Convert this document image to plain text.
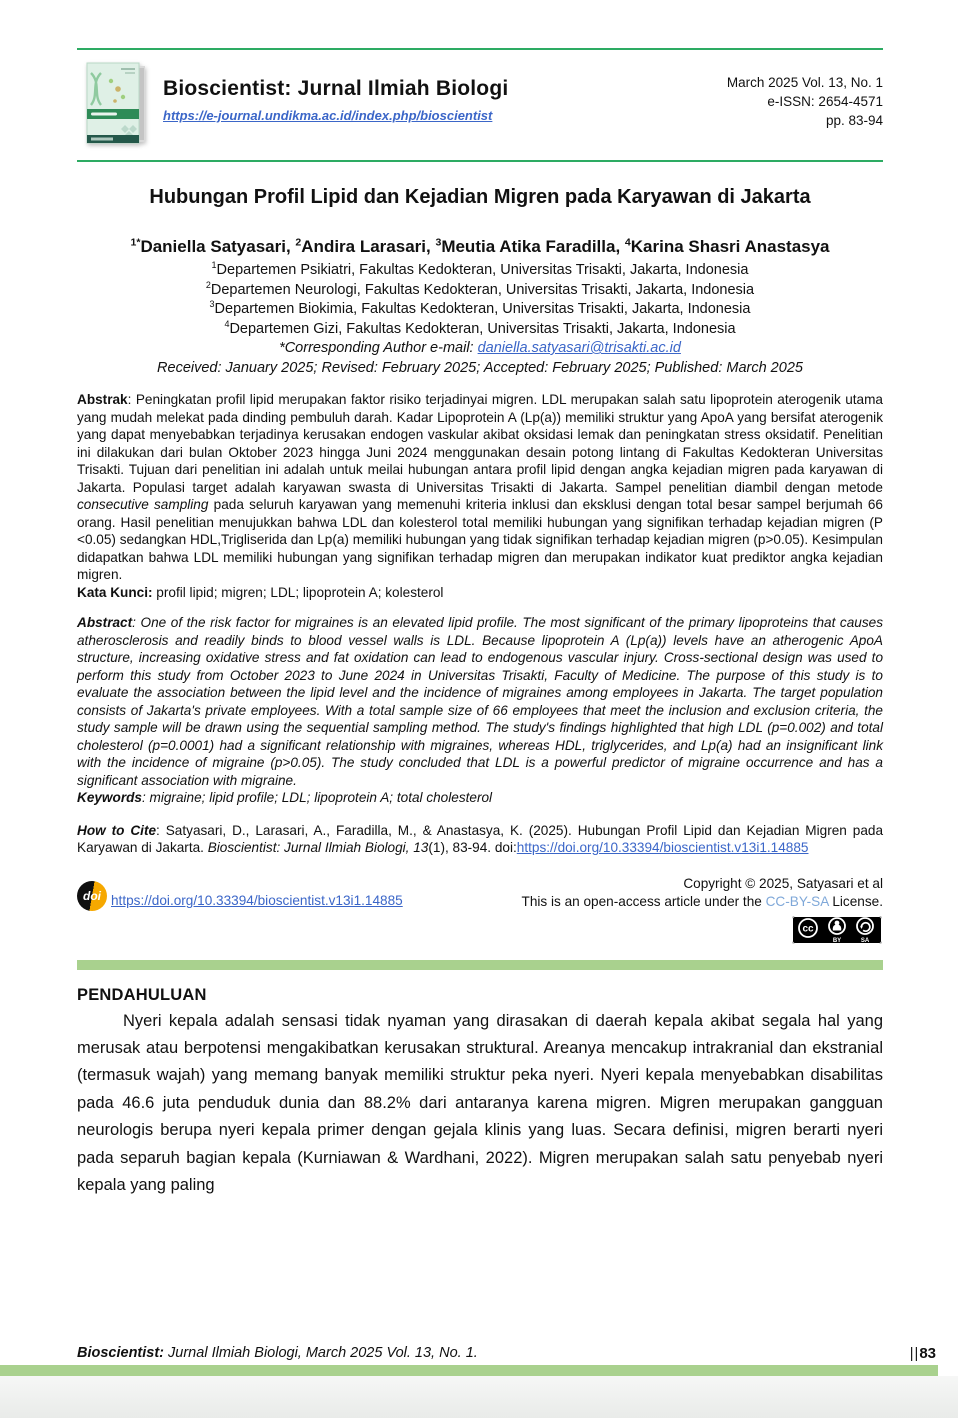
Bioscientist: Jurnal Ilmiah Biologi
https://e-journal.undikma.ac.id/index.php/bioscientist
March 2025 Vol. 13, No. 1
e-ISSN: 2654-4571
pp. 83-94
Hubungan Profil Lipid dan Kejadian Migren pada Karyawan di Jakarta
$^{1*}$Daniella Satyasari, $^2$Andira Larasari, $^3$Meutia Atika Faradilla, $^4$Karina Shasri Anastasya
$^1$Departemen Psikiatri, Fakultas Kedokteran, Universitas Trisakti, Jakarta, Indonesia
$^2$Departemen Neurologi, Fakultas Kedokteran, Universitas Trisakti, Jakarta, Indonesia
$^3$Departemen Biokimia, Fakultas Kedokteran, Universitas Trisakti, Jakarta, Indonesia
$^4$Departemen Gizi, Fakultas Kedokteran, Universitas Trisakti, Jakarta, Indonesia
*Corresponding Author e-mail: daniella.satyasari@trisakti.ac.id
Received: January 2025; Revised: February 2025; Accepted: February 2025; Published: March 2025
Abstrak: Peningkatan profil lipid merupakan faktor risiko terjadinyai migren. LDL merupakan salah satu lipoprotein aterogenik utama yang mudah melekat pada dinding pembuluh darah. Kadar Lipoprotein A (Lp(a)) memiliki struktur yang ApoA yang bersifat aterogenik yang dapat menyebabkan terjadinya kerusakan endogen vaskular akibat oksidasi lemak dan peningkatan stress oksidatif. Penelitian ini dilakukan dari bulan Oktober 2023 hingga Juni 2024 menggunakan desain potong lintang di Fakultas Kedokteran Universitas Trisakti. Tujuan dari penelitian ini adalah untuk meilai hubungan antara profil lipid dengan angka kejadian migren pada karyawan di Jakarta. Populasi target adalah karyawan swasta di Universitas Trisakti di Jakarta. Sampel penelitian diambil dengan metode consecutive sampling pada seluruh karyawan yang memenuhi kriteria inklusi dan eksklusi dengan total besar sampel berjumah 66 orang. Hasil penelitian menujukkan bahwa LDL dan kolesterol total memiliki hubungan yang signifikan terhadap kejadian migren (P <0.05) sedangkan HDL,Trigliserida dan Lp(a) memiliki hubungan yang tidak signifikan terhadap kejadian migren (p>0.05). Kesimpulan didapatkan bahwa LDL memiliki hubungan yang signifikan terhadap migren dan merupakan indikator kuat prediktor angka kejadian migren.
Kata Kunci: profil lipid; migren; LDL; lipoprotein A; kolesterol
Abstract: One of the risk factor for migraines is an elevated lipid profile. The most significant of the primary lipoproteins that causes atherosclerosis and readily binds to blood vessel walls is LDL. Because lipoprotein A (Lp(a)) levels have an atherogenic ApoA structure, increasing oxidative stress and fat oxidation can lead to endogenous vascular injury. Cross-sectional design was used to perform this study from October 2023 to June 2024 in Universitas Trisakti, Faculty of Medicine. The purpose of this study is to evaluate the association between the lipid level and the incidence of migraines among employees in Jakarta. The target population consists of Jakarta's private employees. With a total sample size of 66 employees that meet the inclusion and exclusion criteria, the study sample will be drawn using the sequential sampling method. The study's findings highlighted that high LDL (p=0.002) and total cholesterol (p=0.0001) had a significant relationship with migraines, whereas HDL, triglycerides, and Lp(a) had an insignificant link with the incidence of migraine (p>0.05). The study concluded that LDL is a powerful predictor of migraine occurrence and has a significant association with migraine.
Keywords: migraine; lipid profile; LDL; lipoprotein A; total cholesterol
How to Cite: Satyasari, D., Larasari, A., Faradilla, M., & Anastasya, K. (2025). Hubungan Profil Lipid dan Kejadian Migren pada Karyawan di Jakarta. Bioscientist: Jurnal Ilmiah Biologi, 13(1), 83-94. doi:https://doi.org/10.33394/bioscientist.v13i1.14885
doi https://doi.org/10.33394/bioscientist.v13i1.14885
Copyright © 2025, Satyasari et al
This is an open-access article under the CC-BY-SA License.
cc
BY	SA
PENDAHULUAN

Nyeri kepala adalah sensasi tidak nyaman yang dirasakan di daerah kepala akibat segala hal yang merusak atau berpotensi mengakibatkan kerusakan struktural. Areanya mencakup intrakranial dan ekstranial (termasuk wajah) yang memang banyak memiliki struktur peka nyeri. Nyeri kepala menyebabkan disabilitas pada 46.6 juta penduduk dunia dan 88.2% dari antaranya karena migren. Migren merupakan gangguan neurologis berupa nyeri kepala primer dengan gejala klinis yang luas. Secara definisi, migren berarti nyeri pada separuh bagian kepala (Kurniawan & Wardhani, 2022). Migren merupakan salah satu penyebab nyeri kepala yang paling

Bioscientist: Jurnal Ilmiah Biologi, March 2025 Vol. 13, No. 1.	||83
